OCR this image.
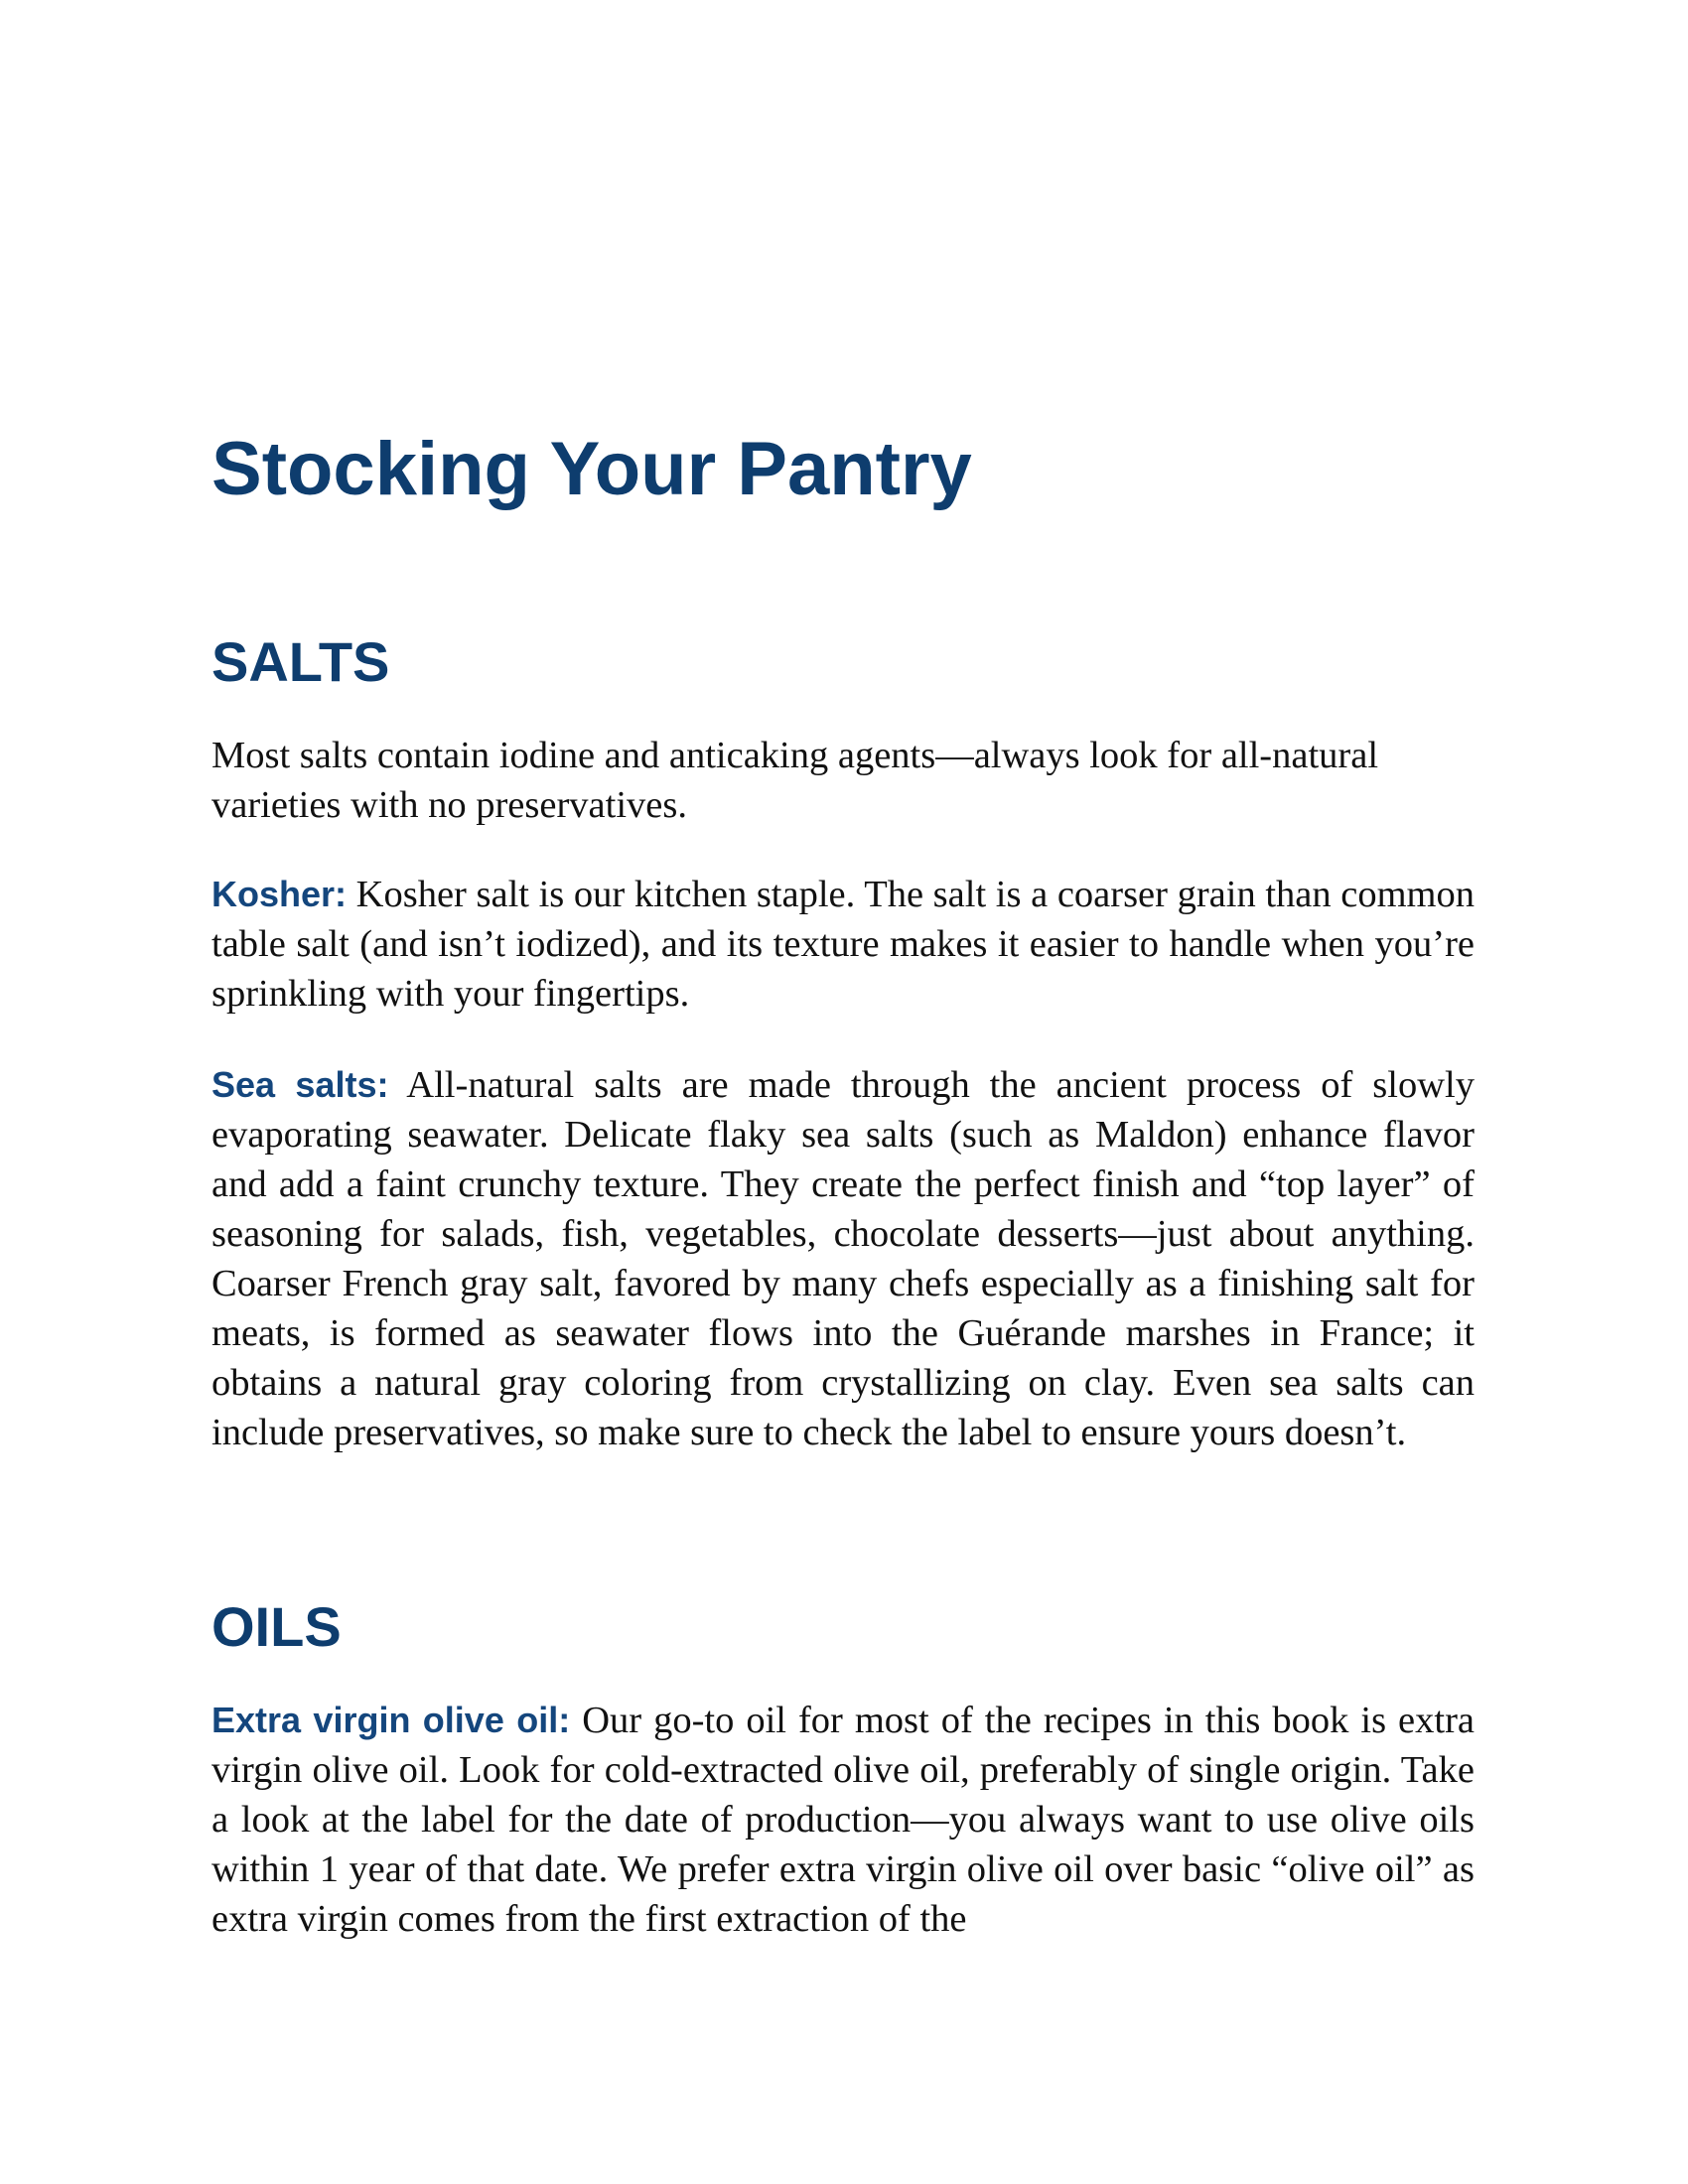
Stocking Your Pantry
SALTS

Most salts contain iodine and anticaking agents—always look for all-natural varieties with no preservatives.

Kosher: Kosher salt is our kitchen staple. The salt is a coarser grain than common table salt (and isn’t iodized), and its texture makes it easier to handle when you’re sprinkling with your fingertips.

Sea salts: All-natural salts are made through the ancient process of slowly evaporating seawater. Delicate flaky sea salts (such as Maldon) enhance flavor and add a faint crunchy texture. They create the perfect finish and “top layer” of seasoning for salads, fish, vegetables, chocolate desserts—just about anything. Coarser French gray salt, favored by many chefs especially as a finishing salt for meats, is formed as seawater flows into the Guérande marshes in France; it obtains a natural gray coloring from crystallizing on clay. Even sea salts can include preservatives, so make sure to check the label to ensure yours doesn’t.

OILS

Extra virgin olive oil: Our go-to oil for most of the recipes in this book is extra virgin olive oil. Look for cold-extracted olive oil, preferably of single origin. Take a look at the label for the date of production—you always want to use olive oils within 1 year of that date. We prefer extra virgin olive oil over basic “olive oil” as extra virgin comes from the first extraction of the
